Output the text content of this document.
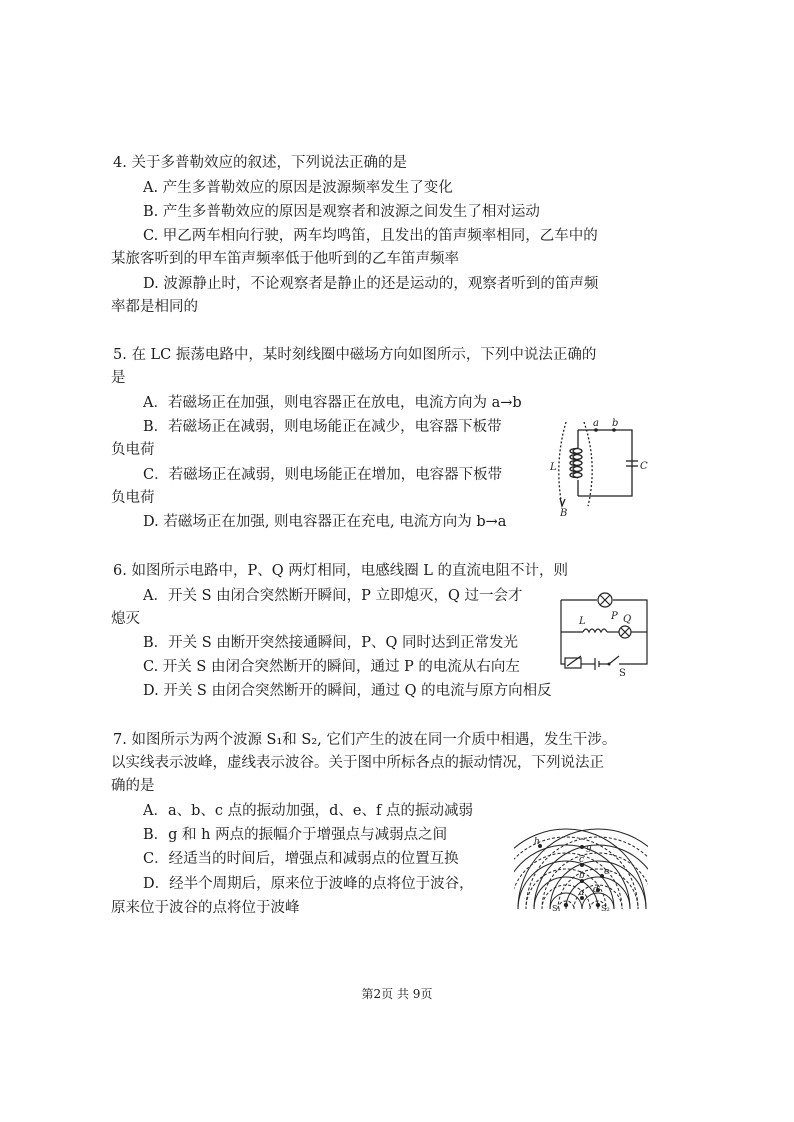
4. 关于多普勒效应的叙述，下列说法正确的是
A. 产生多普勒效应的原因是波源频率发生了变化
B. 产生多普勒效应的原因是观察者和波源之间发生了相对运动
C. 甲乙两车相向行驶，两车均鸣笛，且发出的笛声频率相同，乙车中的
某旅客听到的甲车笛声频率低于他听到的乙车笛声频率
D. 波源静止时，不论观察者是静止的还是运动的，观察者听到的笛声频
率都是相同的
5. 在 LC 振荡电路中，某时刻线圈中磁场方向如图所示，下列中说法正确的
是
A．若磁场正在加强，则电容器正在放电，电流方向为 a→b
B．若磁场正在减弱，则电场能正在减少，电容器下板带
负电荷
C．若磁场正在减弱，则电场能正在增加，电容器下板带
负电荷
D. 若磁场正在加强, 则电容器正在充电, 电流方向为 b→a
a b
L	C
B
6. 如图所示电路中，P、Q 两灯相同，电感线圈 L 的直流电阻不计，则
A．开关 S 由闭合突然断开瞬间，P 立即熄灭，Q 过一会才
熄灭
B．开关 S 由断开突然接通瞬间，P、Q 同时达到正常发光
C. 开关 S 由闭合突然断开的瞬间，通过 P 的电流从右向左
D. 开关 S 由闭合突然断开的瞬间，通过 Q 的电流与原方向相反
P Q
L
S
7. 如图所示为两个波源 S₁和 S₂, 它们产生的波在同一介质中相遇，发生干涉。
以实线表示波峰，虚线表示波谷。关于图中所标各点的振动情况，下列说法正
确的是
A．a、b、c 点的振动加强，d、e、f 点的振动减弱
B．g 和 h 两点的振幅介于增强点与减弱点之间
C．经适当的时间后，增强点和减弱点的位置互换
D．经半个周期后，原来位于波峰的点将位于波谷，
原来位于波谷的点将位于波峰
g
h
c
b e
a d
S₁	S₂
第2页 共 9页
